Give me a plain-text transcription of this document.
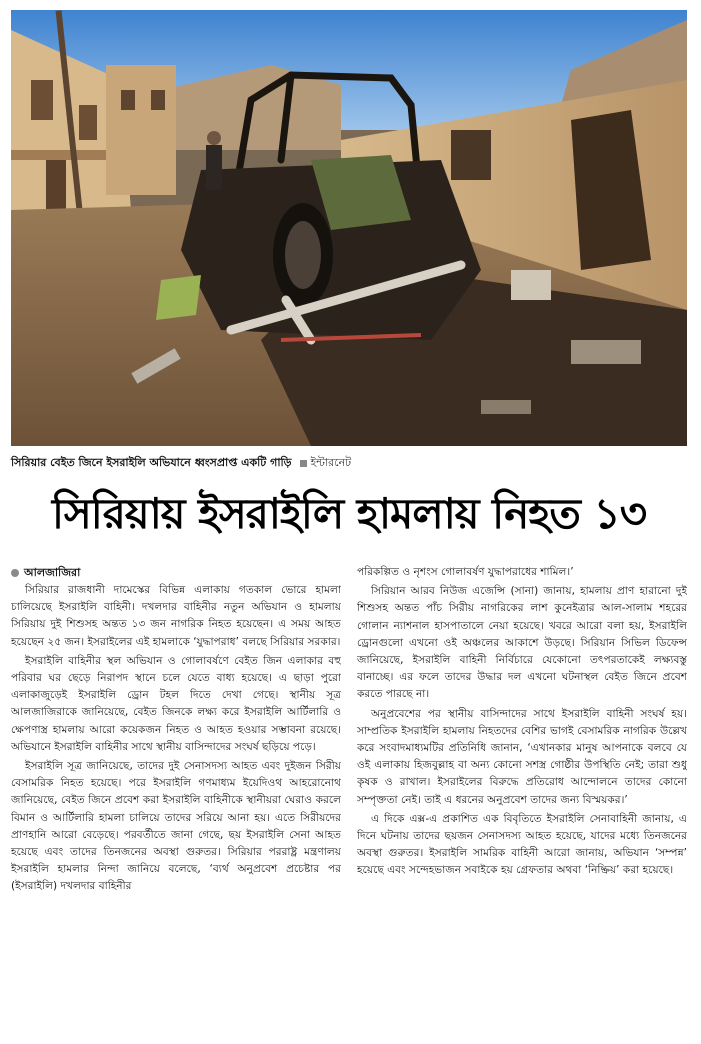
সিরিয়ার বেইত জিনে ইসরাইলি অভিযানে ধ্বংসপ্রাপ্ত একটি গাড়ি ইন্টারনেট
সিরিয়ায় ইসরাইলি হামলায় নিহত ১৩
আলজাজিরা

সিরিয়ার রাজধানী দামেস্কের বিভিন্ন এলাকায় গতকাল ভোরে হামলা চালিয়েছে ইসরাইলি বাহিনী। দখলদার বাহিনীর নতুন অভিযান ও হামলায় সিরিয়ায় দুই শিশুসহ অন্তত ১৩ জন নাগরিক নিহত হয়েছেন। এ সময় আহত হয়েছেন ২৫ জন। ইসরাইলের এই হামলাকে ‘যুদ্ধাপরাধ’ বলছে সিরিয়ার সরকার।

ইসরাইলি বাহিনীর স্থল অভিযান ও গোলাবর্ষণে বেইত জিন এলাকার বহু পরিবার ঘর ছেড়ে নিরাপদ স্থানে চলে যেতে বাধ্য হয়েছে। এ ছাড়া পুরো এলাকাজুড়েই ইসরাইলি ড্রোন টহল দিতে দেখা গেছে। স্থানীয় সূত্র আলজাজিরাকে জানিয়েছে, বেইত জিনকে লক্ষ্য করে ইসরাইলি আর্টিলারি ও ক্ষেপণাস্ত্র হামলায় আরো কয়েকজন নিহত ও আহত হওয়ার সম্ভাবনা রয়েছে। অভিযানে ইসরাইলি বাহিনীর সাথে স্থানীয় বাসিন্দাদের সংঘর্ষ ছড়িয়ে পড়ে।

ইসরাইলি সূত্র জানিয়েছে, তাদের দুই সেনাসদস্য আহত এবং দুইজন সিরীয় বেসামরিক নিহত হয়েছে। পরে ইসরাইলি গণমাধ্যম ইয়েদিওথ আহরোনোথ জানিয়েছে, বেইত জিনে প্রবেশ করা ইসরাইলি বাহিনীকে স্থানীয়রা ঘেরাও করলে বিমান ও আর্টিলারি হামলা চালিয়ে তাদের সরিয়ে আনা হয়। এতে সিরীয়দের প্রাণহানি আরো বেড়েছে। পরবর্তীতে জানা গেছে, ছয় ইসরাইলি সেনা আহত হয়েছে এবং তাদের তিনজনের অবস্থা গুরুতর। সিরিয়ার পররাষ্ট্র মন্ত্রণালয় ইসরাইলি হামলার নিন্দা জানিয়ে বলেছে, ‘ব্যর্থ অনুপ্রবেশ প্রচেষ্টার পর (ইসরাইলি) দখলদার বাহিনীর

পরিকল্পিত ও নৃশংস গোলাবর্ষণ যুদ্ধাপরাধের শামিল।’

সিরিয়ান আরব নিউজ এজেন্সি (সানা) জানায়, হামলায় প্রাণ হারানো দুই শিশুসহ অন্তত পাঁচ সিরীয় নাগরিকের লাশ কুনেইত্রার আল-সালাম শহরের গোলান ন্যাশনাল হাসপাতালে নেয়া হয়েছে। খবরে আরো বলা হয়, ইসরাইলি ড্রোনগুলো এখনো ওই অঞ্চলের আকাশে উড়ছে। সিরিয়ান সিভিল ডিফেন্স জানিয়েছে, ইসরাইলি বাহিনী নির্বিচারে যেকোনো তৎপরতাকেই লক্ষ্যবস্তু বানাচ্ছে। এর ফলে তাদের উদ্ধার দল এখনো ঘটনাস্থল বেইত জিনে প্রবেশ করতে পারছে না।

অনুপ্রবেশের পর স্থানীয় বাসিন্দাদের সাথে ইসরাইলি বাহিনী সংঘর্ষ হয়। সাম্প্রতিক ইসরাইলি হামলায় নিহতদের বেশির ভাগই বেসামরিক নাগরিক উল্লেখ করে সংবাদমাধ্যমটির প্রতিনিধি জানান, ‘এখানকার মানুষ আপনাকে বলবে যে ওই এলাকায় হিজবুল্লাহ বা অন্য কোনো সশস্ত্র গোষ্ঠীর উপস্থিতি নেই; তারা শুধু কৃষক ও রাখাল। ইসরাইলের বিরুদ্ধে প্রতিরোধ আন্দোলনে তাদের কোনো সম্পৃক্ততা নেই। তাই এ ধরনের অনুপ্রবেশ তাদের জন্য বিস্ময়কর।’

এ দিকে এক্স-এ প্রকাশিত এক বিবৃতিতে ইসরাইলি সেনাবাহিনী জানায়, এ দিনে ঘটনায় তাদের ছয়জন সেনাসদস্য আহত হয়েছে, যাদের মধ্যে তিনজনের অবস্থা গুরুতর। ইসরাইলি সামরিক বাহিনী আরো জানায়, অভিযান ‘সম্পন্ন’ হয়েছে এবং সন্দেহভাজন সবাইকে হয় গ্রেফতার অথবা ‘নিষ্ক্রিয়’ করা হয়েছে।
